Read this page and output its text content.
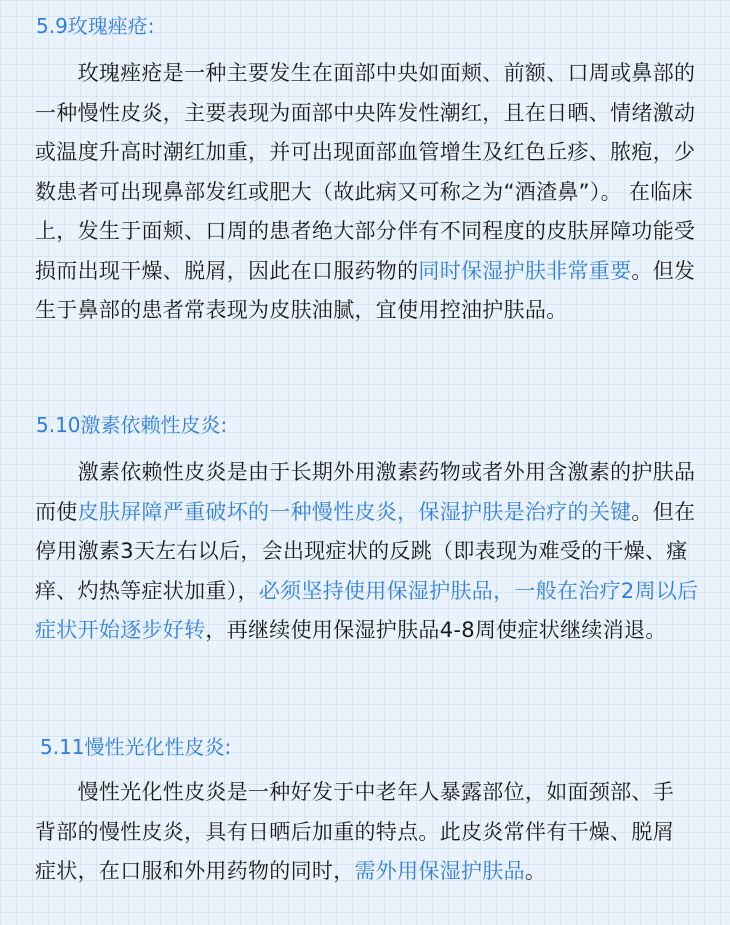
5.9玫瑰痤疮:

　　玫瑰痤疮是一种主要发生在面部中央如面颊、前额、口周或鼻部的一种慢性皮炎，主要表现为面部中央阵发性潮红，且在日晒、情绪激动或温度升高时潮红加重，并可出现面部血管增生及红色丘疹、脓疱，少数患者可出现鼻部发红或肥大（故此病又可称之为“酒渣鼻”）。 在临床上，发生于面颊、口周的患者绝大部分伴有不同程度的皮肤屏障功能受损而出现干燥、脱屑，因此在口服药物的同时保湿护肤非常重要。但发生于鼻部的患者常表现为皮肤油腻，宜使用控油护肤品。

5.10激素依赖性皮炎:

　　激素依赖性皮炎是由于长期外用激素药物或者外用含激素的护肤品而使皮肤屏障严重破坏的一种慢性皮炎，保湿护肤是治疗的关键。但在停用激素3天左右以后，会出现症状的反跳（即表现为难受的干燥、瘙痒、灼热等症状加重），必须坚持使用保湿护肤品，一般在治疗2周以后症状开始逐步好转，再继续使用保湿护肤品4-8周使症状继续消退。

5.11慢性光化性皮炎:

　　慢性光化性皮炎是一种好发于中老年人暴露部位，如面颈部、手背部的慢性皮炎，具有日晒后加重的特点。此皮炎常伴有干燥、脱屑症状，在口服和外用药物的同时，需外用保湿护肤品。
